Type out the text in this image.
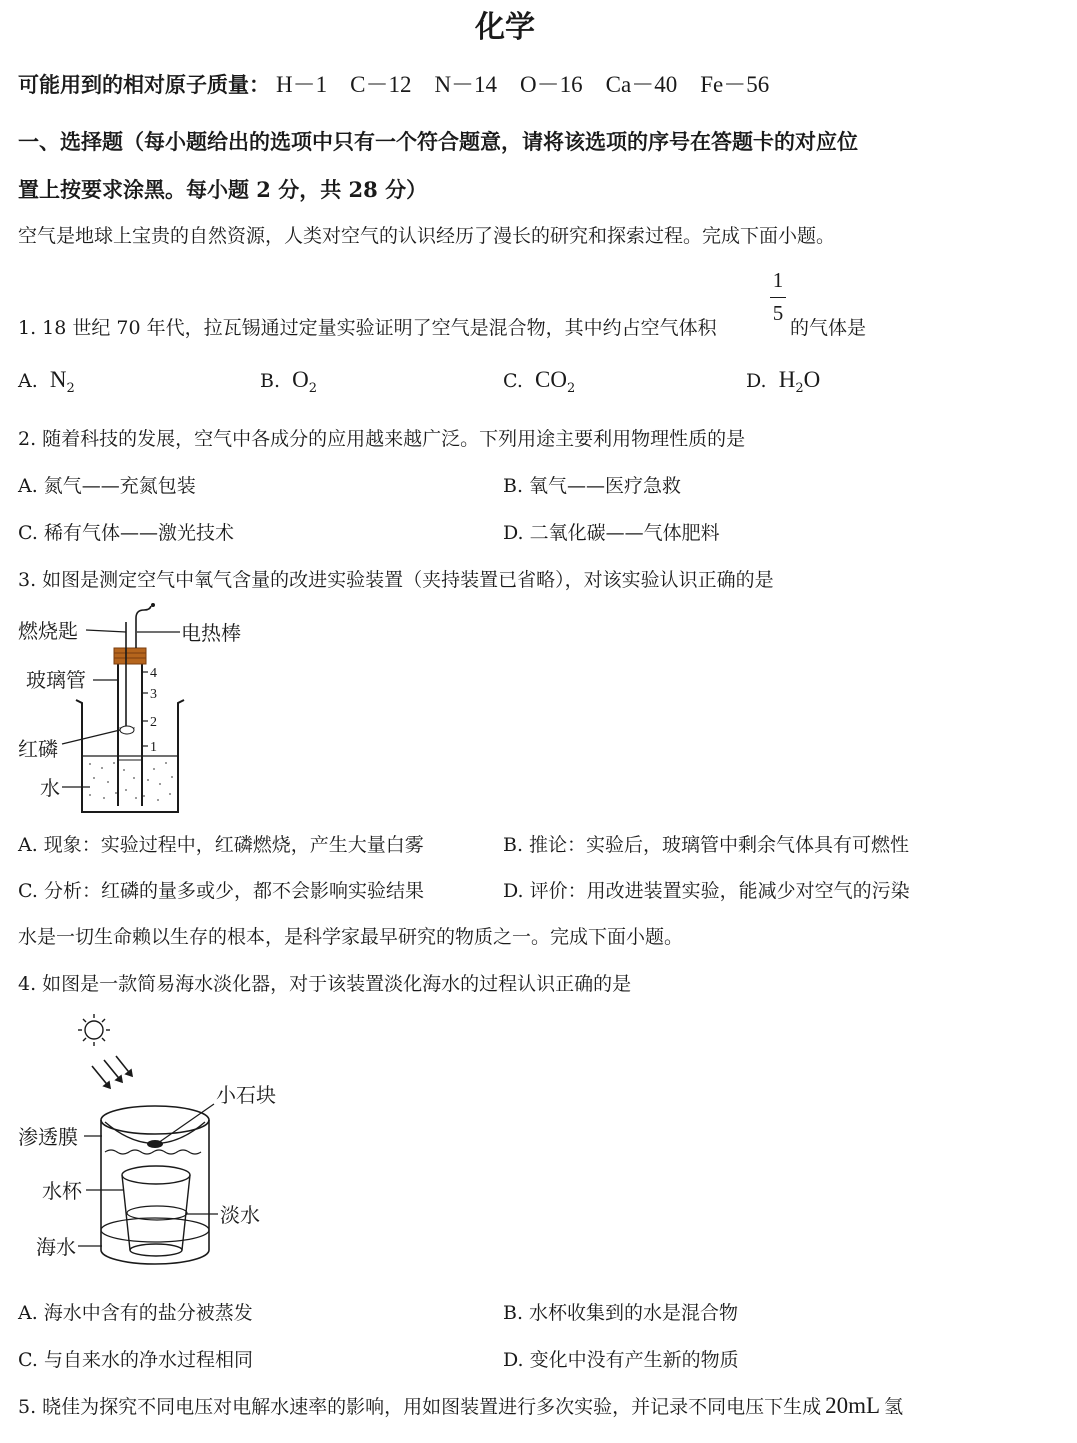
化学
可能用到的相对原子质量： H－1　C－12　N－14　O－16　Ca－40　Fe－56
一、选择题（每小题给出的选项中只有一个符合题意，请将该选项的序号在答题卡的对应位
置上按要求涂黑。每小题 2 分，共 28 分）
空气是地球上宝贵的自然资源，人类对空气的认识经历了漫长的研究和探索过程。完成下面小题。
1. 18 世纪 70 年代，拉瓦锡通过定量实验证明了空气是混合物，其中约占空气体积
1
5
的气体是
A. $N_2$	B. $O_2$	C. $CO_2$	D. $H_2O$
2. 随着科技的发展，空气中各成分的应用越来越广泛。下列用途主要利用物理性质的是
A. 氮气——充氮包装	B. 氧气——医疗急救
C. 稀有气体——激光技术	D. 二氧化碳——气体肥料
3. 如图是测定空气中氧气含量的改进实验装置（夹持装置已省略），对该实验认识正确的是
4
3
2
1
燃烧匙	电热棒
玻璃管
红磷
水
A. 现象：实验过程中，红磷燃烧，产生大量白雾	B. 推论：实验后，玻璃管中剩余气体具有可燃性
C. 分析：红磷的量多或少，都不会影响实验结果	D. 评价：用改进装置实验，能减少对空气的污染
水是一切生命赖以生存的根本，是科学家最早研究的物质之一。完成下面小题。
4. 如图是一款简易海水淡化器，对于该装置淡化海水的过程认识正确的是
小石块
渗透膜
水杯
淡水
海水
A. 海水中含有的盐分被蒸发	B. 水杯收集到的水是混合物
C. 与自来水的净水过程相同	D. 变化中没有产生新的物质
5. 晓佳为探究不同电压对电解水速率的影响，用如图装置进行多次实验，并记录不同电压下生成 20mL 氢
